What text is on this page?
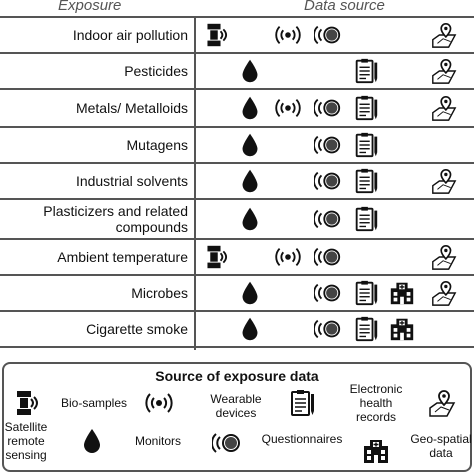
Exposure	Data source
Indoor air pollution
Pesticides
Metals/ Metalloids
Mutagens
Industrial solvents
Plasticizers and related compounds
Ambient temperature
Microbes
Cigarette smoke
Source of exposure data
Satellite remote sensing
Bio-samples
Monitors
Wearable devices
Questionnaires
Electronic health records
Geo-spatial data
